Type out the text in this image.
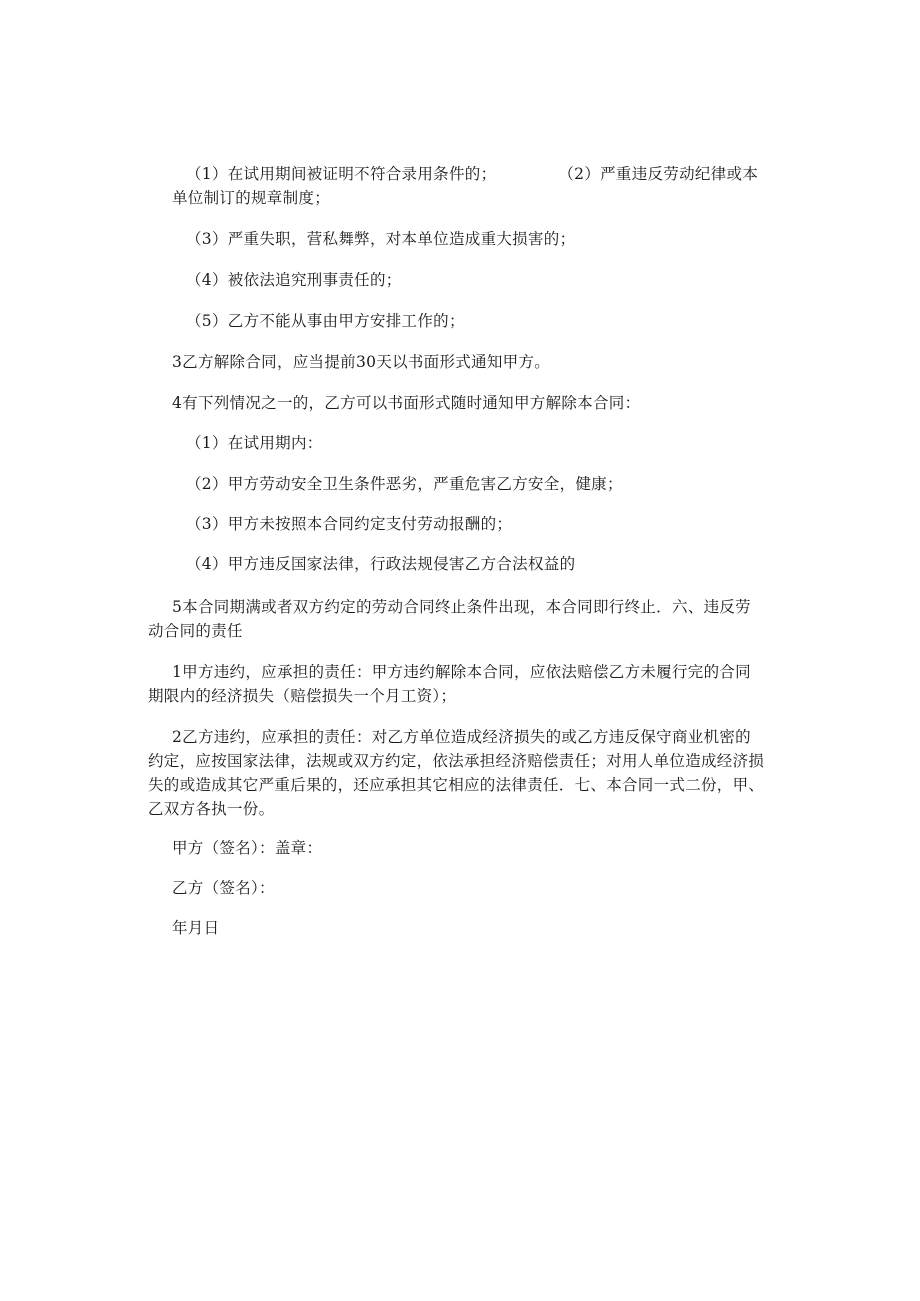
（1）在试用期间被证明不符合录用条件的；	（2）严重违反劳动纪律或本
单位制订的规章制度；
（3）严重失职，营私舞弊，对本单位造成重大损害的；
（4）被依法追究刑事责任的；
（5）乙方不能从事由甲方安排工作的；
3乙方解除合同，应当提前30天以书面形式通知甲方。
4有下列情况之一的，乙方可以书面形式随时通知甲方解除本合同：
（1）在试用期内：
（2）甲方劳动安全卫生条件恶劣，严重危害乙方安全，健康；
（3）甲方未按照本合同约定支付劳动报酬的；
（4）甲方违反国家法律，行政法规侵害乙方合法权益的
5本合同期满或者双方约定的劳动合同终止条件出现，本合同即行终止．六、违反劳
动合同的责任
1甲方违约，应承担的责任：甲方违约解除本合同，应依法赔偿乙方未履行完的合同
期限内的经济损失（赔偿损失一个月工资）；
2乙方违约，应承担的责任：对乙方单位造成经济损失的或乙方违反保守商业机密的
约定，应按国家法律，法规或双方约定，依法承担经济赔偿责任；对用人单位造成经济损
失的或造成其它严重后果的，还应承担其它相应的法律责任．七、本合同一式二份，甲、
乙双方各执一份。
甲方（签名）：盖章：
乙方（签名）：
年月日
